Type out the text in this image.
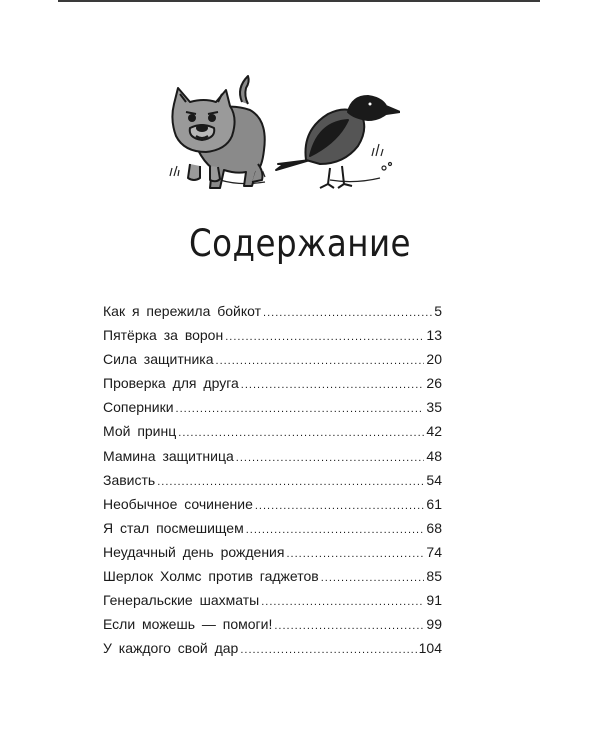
Содержание
Как я пережила бойкот .....	5
Пятёрка за ворон .....	13
Сила защитника .....	20
Проверка для друга .....	26
Соперники .....	35
Мой принц .....	42
Мамина защитница .....	48
Зависть .....	54
Необычное сочинение .....	61
Я стал посмешищем .....	68
Неудачный день рождения .....	74
Шерлок Холмс против гаджетов .....	85
Генеральские шахматы .....	91
Если можешь — помоги! .....	99
У каждого свой дар .....	104
